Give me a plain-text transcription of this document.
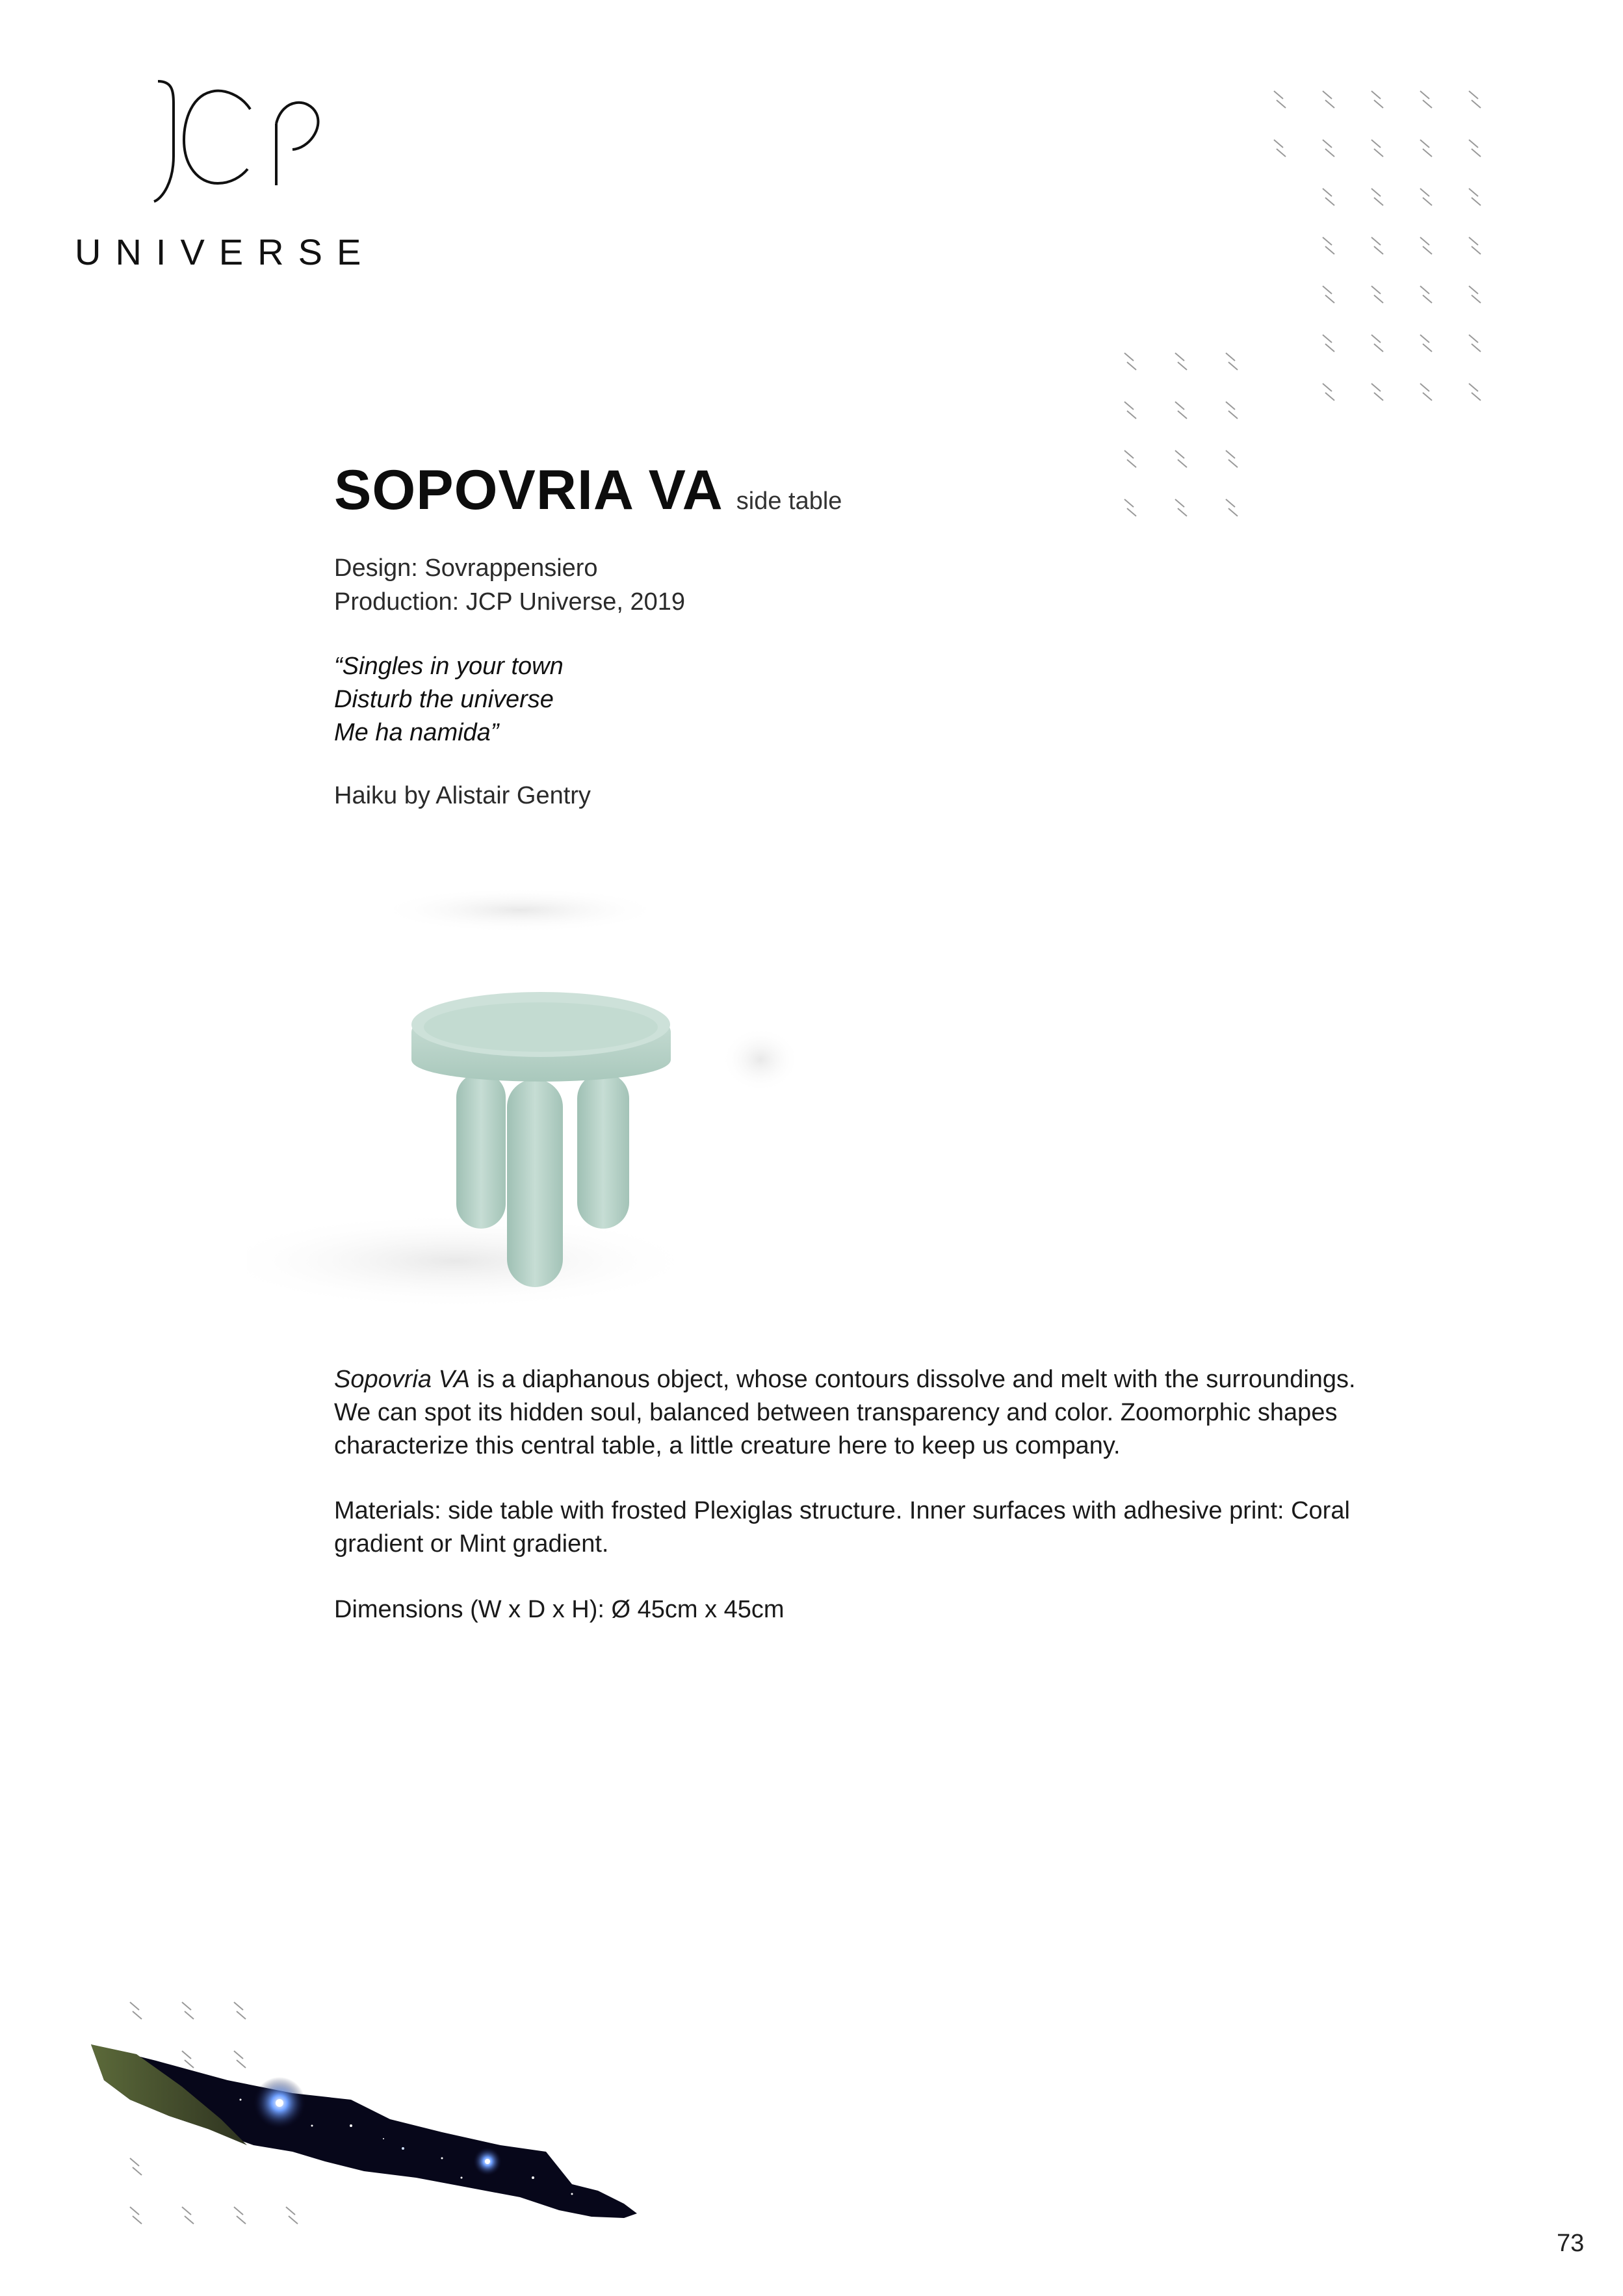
UNIVERSE
SOPOVRIA VA side table
Design: Sovrappensiero
Production: JCP Universe, 2019
“Singles in your town
Disturb the universe
Me ha namida”
Haiku by Alistair Gentry
Sopovria VA is a diaphanous object, whose contours dissolve and melt with the surroundings.
We can spot its hidden soul, balanced between transparency and color. Zoomorphic shapes
characterize this central table, a little creature here to keep us company.
Materials: side table with frosted Plexiglas structure. Inner surfaces with adhesive print: Coral
gradient or Mint gradient.
Dimensions (W x D x H): Ø 45cm x 45cm
73
